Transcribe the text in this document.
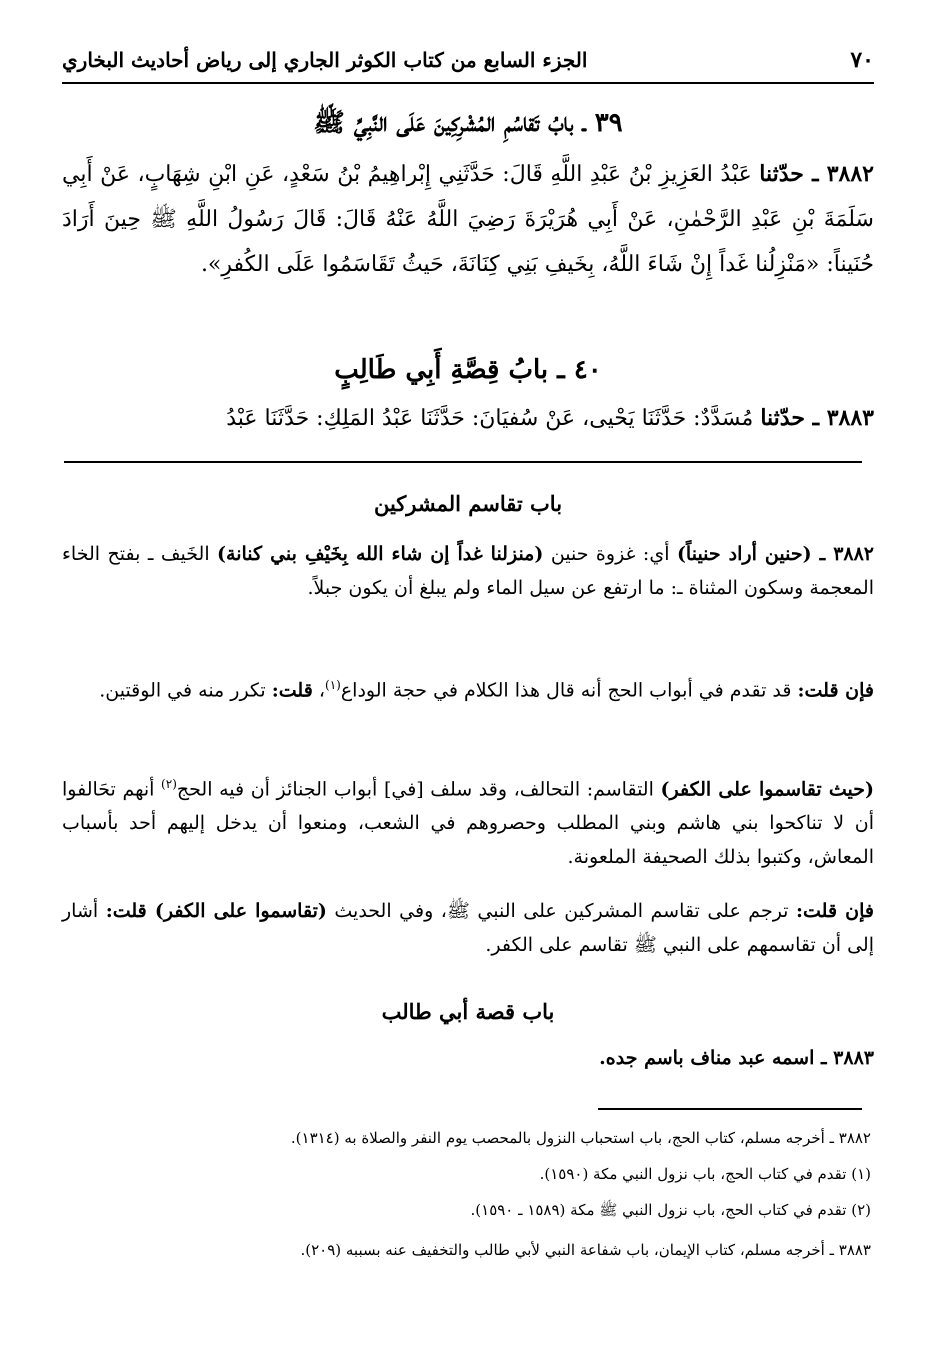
٧٠
الجزء السابع من كتاب الكوثر الجاري إلى رياض أحاديث البخاري
٣٩ ـ بابُ تَقاسُمِ المُشْرِكِينَ عَلَى النَّبِيِّ ﷺ
٣٨٨٢ ـ حدّثنا عَبْدُ العَزِيزِ بْنُ عَبْدِ اللَّهِ قَالَ: حَدَّثَنِي إِبْراهِيمُ بْنُ سَعْدٍ، عَنِ ابْنِ شِهَابٍ، عَنْ أَبِي سَلَمَةَ بْنِ عَبْدِ الرَّحْمٰنِ، عَنْ أَبِي هُرَيْرَةَ رَضِيَ اللَّهُ عَنْهُ قَالَ: قَالَ رَسُولُ اللَّهِ ﷺ حِينَ أَرَادَ حُنَيناً: «مَنْزِلُنا غَداً إِنْ شَاءَ اللَّهُ، بِخَيفِ بَنِي كِنَانَةَ، حَيثُ تَقَاسَمُوا عَلَى الكُفرِ».
٤٠ ـ بابُ قِصَّةِ أَبِي طَالِبٍ
٣٨٨٣ ـ حدّثنا مُسَدَّدٌ: حَدَّثَنَا يَحْيى، عَنْ سُفيَانَ: حَدَّثَنَا عَبْدُ المَلِكِ: حَدَّثَنَا عَبْدُ
باب تقاسم المشركين
٣٨٨٢ ـ (حنين أراد حنيناً) أي: غزوة حنين (منزلنا غداً إن شاء الله بِخَيْفِ بني كنانة) الخَيف ـ بفتح الخاء المعجمة وسكون المثناة ـ: ما ارتفع عن سيل الماء ولم يبلغ أن يكون جبلاً.
فإن قلت: قد تقدم في أبواب الحج أنه قال هذا الكلام في حجة الوداع$^{(١)}$، قلت: تكرر منه في الوقتين.
(حيث تقاسموا على الكفر) التقاسم: التحالف، وقد سلف [في] أبواب الجنائز أن فيه الحج$^{(٢)}$ أنهم تحَالفوا أن لا تناكحوا بني هاشم وبني المطلب وحصروهم في الشعب، ومنعوا أن يدخل إليهم أحد بأسباب المعاش، وكتبوا بذلك الصحيفة الملعونة.
فإن قلت: ترجم على تقاسم المشركين على النبي ﷺ، وفي الحديث (تقاسموا على الكفر) قلت: أشار إلى أن تقاسمهم على النبي ﷺ تقاسم على الكفر.
باب قصة أبي طالب
٣٨٨٣ ـ اسمه عبد مناف باسم جده.
٣٨٨٢ ـ أخرجه مسلم، كتاب الحج، باب استحباب النزول بالمحصب يوم النفر والصلاة به (١٣١٤).
(١) تقدم في كتاب الحج، باب نزول النبي مكة (١٥٩٠).
(٢) تقدم في كتاب الحج، باب نزول النبي ﷺ مكة (١٥٨٩ ـ ١٥٩٠).
٣٨٨٣ ـ أخرجه مسلم، كتاب الإيمان، باب شفاعة النبي لأبي طالب والتخفيف عنه بسببه (٢٠٩).
